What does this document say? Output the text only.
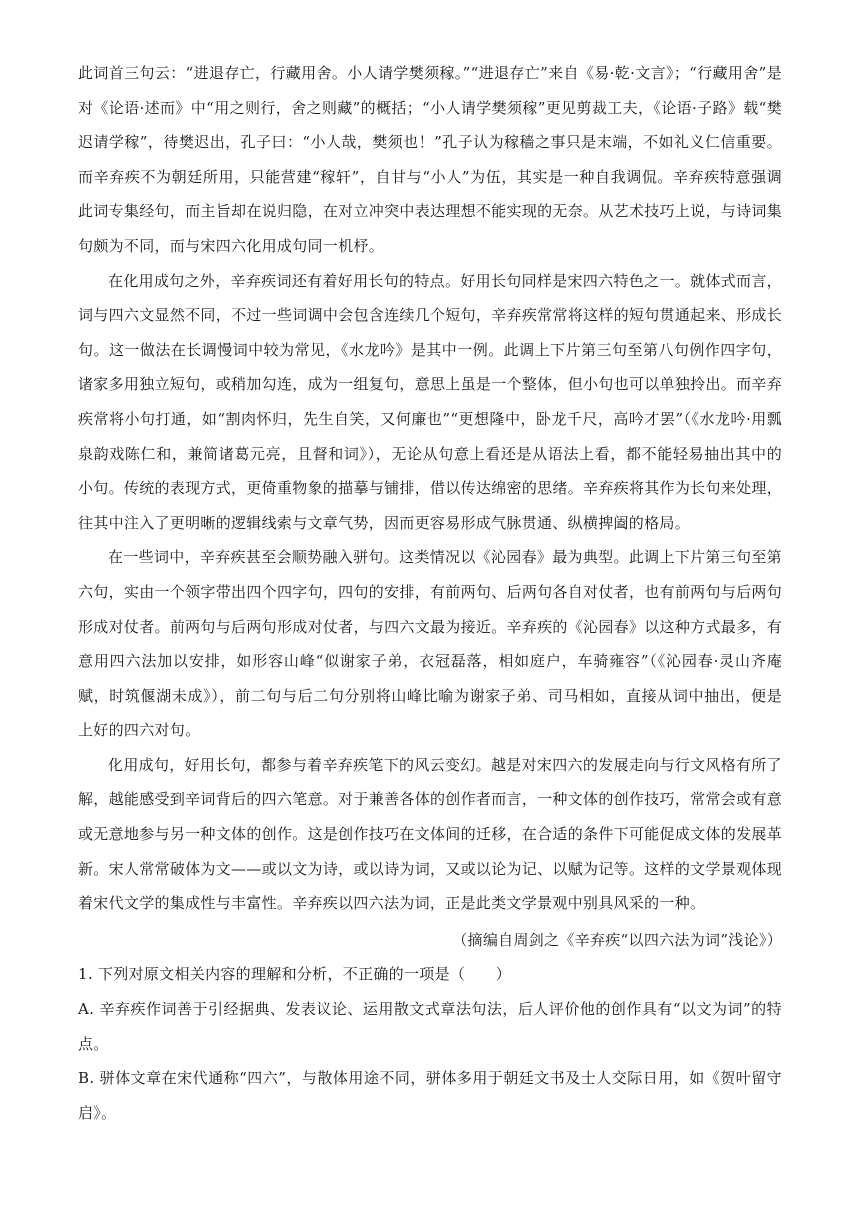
此词首三句云：“进退存亡，行藏用舍。小人请学樊须稼。”“进退存亡”来自《易·乾·文言》；“行藏用舍”是对《论语·述而》中“用之则行，舍之则藏”的概括；“小人请学樊须稼”更见剪裁工夫，《论语·子路》载“樊迟请学稼”，待樊迟出，孔子曰：“小人哉，樊须也！”孔子认为稼穑之事只是末端，不如礼义仁信重要。而辛弃疾不为朝廷所用，只能营建“稼轩”，自甘与“小人”为伍，其实是一种自我调侃。辛弃疾特意强调此词专集经句，而主旨却在说归隐，在对立冲突中表达理想不能实现的无奈。从艺术技巧上说，与诗词集句颇为不同，而与宋四六化用成句同一机杼。

在化用成句之外，辛弃疾词还有着好用长句的特点。好用长句同样是宋四六特色之一。就体式而言，词与四六文显然不同，不过一些词调中会包含连续几个短句，辛弃疾常常将这样的短句贯通起来、形成长句。这一做法在长调慢词中较为常见，《水龙吟》是其中一例。此调上下片第三句至第八句例作四字句，诸家多用独立短句，或稍加勾连，成为一组复句，意思上虽是一个整体，但小句也可以单独拎出。而辛弃疾常将小句打通，如“割肉怀归，先生自笑，又何廉也”“更想隆中，卧龙千尺，高吟才罢”（《水龙吟·用瓢泉韵戏陈仁和，兼简诸葛元亮，且督和词》），无论从句意上看还是从语法上看，都不能轻易抽出其中的小句。传统的表现方式，更倚重物象的描摹与铺排，借以传达绵密的思绪。辛弃疾将其作为长句来处理，往其中注入了更明晰的逻辑线索与文章气势，因而更容易形成气脉贯通、纵横捭阖的格局。

在一些词中，辛弃疾甚至会顺势融入骈句。这类情况以《沁园春》最为典型。此调上下片第三句至第六句，实由一个领字带出四个四字句，四句的安排，有前两句、后两句各自对仗者，也有前两句与后两句形成对仗者。前两句与后两句形成对仗者，与四六文最为接近。辛弃疾的《沁园春》以这种方式最多，有意用四六法加以安排，如形容山峰“似谢家子弟，衣冠磊落，相如庭户，车骑雍容”（《沁园春·灵山齐庵赋，时筑偃湖未成》），前二句与后二句分别将山峰比喻为谢家子弟、司马相如，直接从词中抽出，便是上好的四六对句。

化用成句，好用长句，都参与着辛弃疾笔下的风云变幻。越是对宋四六的发展走向与行文风格有所了解，越能感受到辛词背后的四六笔意。对于兼善各体的创作者而言，一种文体的创作技巧，常常会或有意或无意地参与另一种文体的创作。这是创作技巧在文体间的迁移，在合适的条件下可能促成文体的发展革新。宋人常常破体为文——或以文为诗，或以诗为词，又或以论为记、以赋为记等。这样的文学景观体现着宋代文学的集成性与丰富性。辛弃疾以四六法为词，正是此类文学景观中别具风采的一种。

（摘编自周剑之《辛弃疾“以四六法为词”浅论》）

1. 下列对原文相关内容的理解和分析，不正确的一项是（　　）

A. 辛弃疾作词善于引经据典、发表议论、运用散文式章法句法，后人评价他的创作具有“以文为词”的特点。

B. 骈体文章在宋代通称“四六”，与散体用途不同，骈体多用于朝廷文书及士人交际日用，如《贺叶留守启》。
